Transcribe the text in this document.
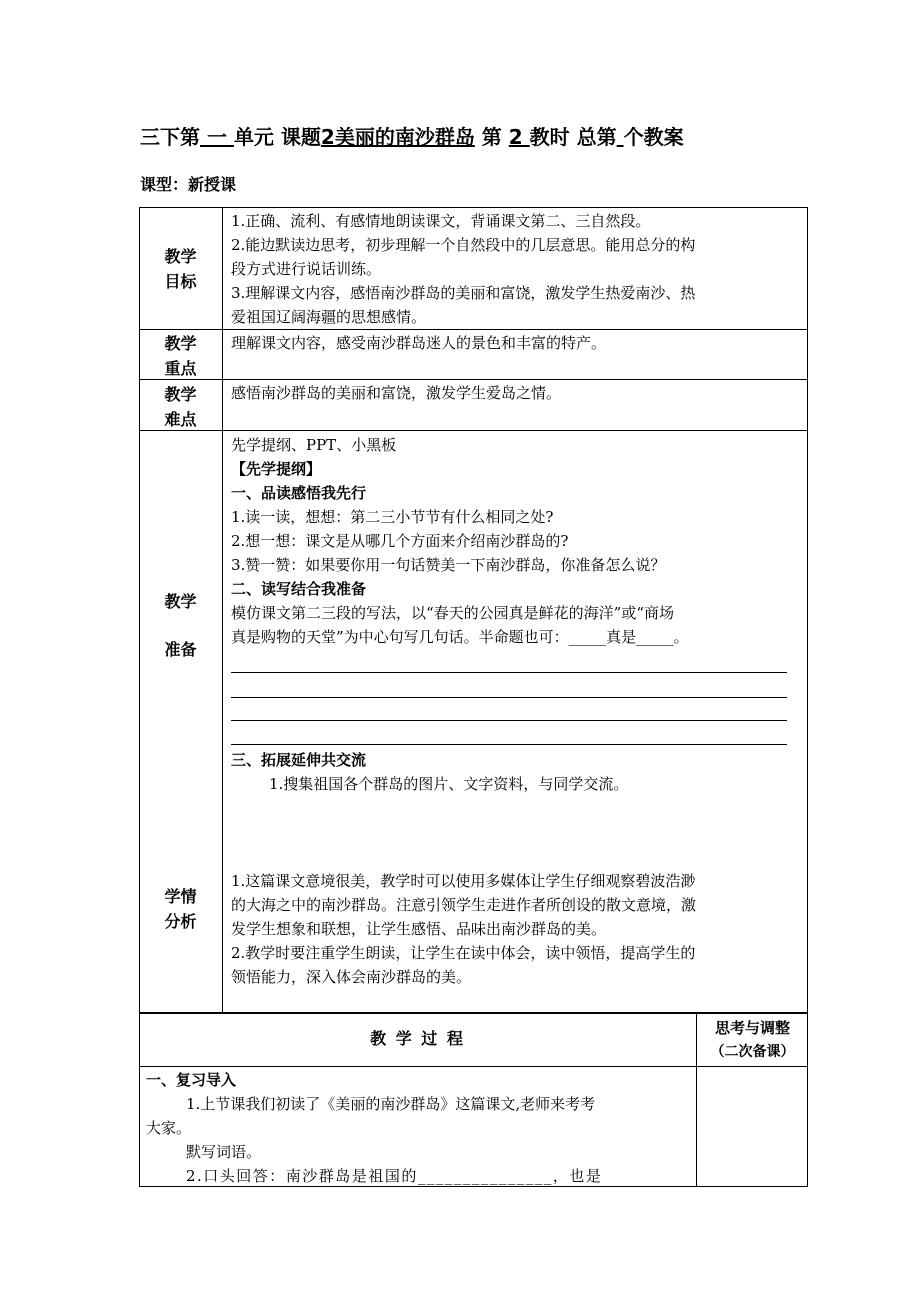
三下第 一 单元 课题2美丽的南沙群岛 第 2 教时 总第 个教案
课型：新授课
教学
目标

1.正确、流利、有感情地朗读课文，背诵课文第二、三自然段。

2.能边默读边思考，初步理解一个自然段中的几层意思。能用总分的构

段方式进行说话训练。

3.理解课文内容，感悟南沙群岛的美丽和富饶，激发学生热爱南沙、热

爱祖国辽阔海疆的思想感情。

教学
重点
理解课文内容，感受南沙群岛迷人的景色和丰富的特产。
教学
难点
感悟南沙群岛的美丽和富饶，激发学生爱岛之情。
教学
准备

先学提纲、PPT、小黑板

【先学提纲】

一、品读感悟我先行

1.读一读，想想：第二三小节节有什么相同之处?

2.想一想：课文是从哪几个方面来介绍南沙群岛的?

3.赞一赞：如果要你用一句话赞美一下南沙群岛，你准备怎么说？

二、读写结合我准备

模仿课文第二三段的写法，以“春天的公园真是鲜花的海洋”或“商场

真是购物的天堂”为中心句写几句话。半命题也可：_____真是_____。

三、拓展延伸共交流

1.搜集祖国各个群岛的图片、文字资料，与同学交流。

学情
分析

1.这篇课文意境很美，教学时可以使用多媒体让学生仔细观察碧波浩渺

的大海之中的南沙群岛。注意引领学生走进作者所创设的散文意境，激

发学生想象和联想，让学生感悟、品味出南沙群岛的美。

2.教学时要注重学生朗读，让学生在读中体会，读中领悟，提高学生的

领悟能力，深入体会南沙群岛的美。

教 学 过 程
思考与调整
（二次备课）

一、复习导入

1.上节课我们初读了《美丽的南沙群岛》这篇课文,老师来考考

大家。

默写词语。

2.口头回答：南沙群岛是祖国的_______________，也是
